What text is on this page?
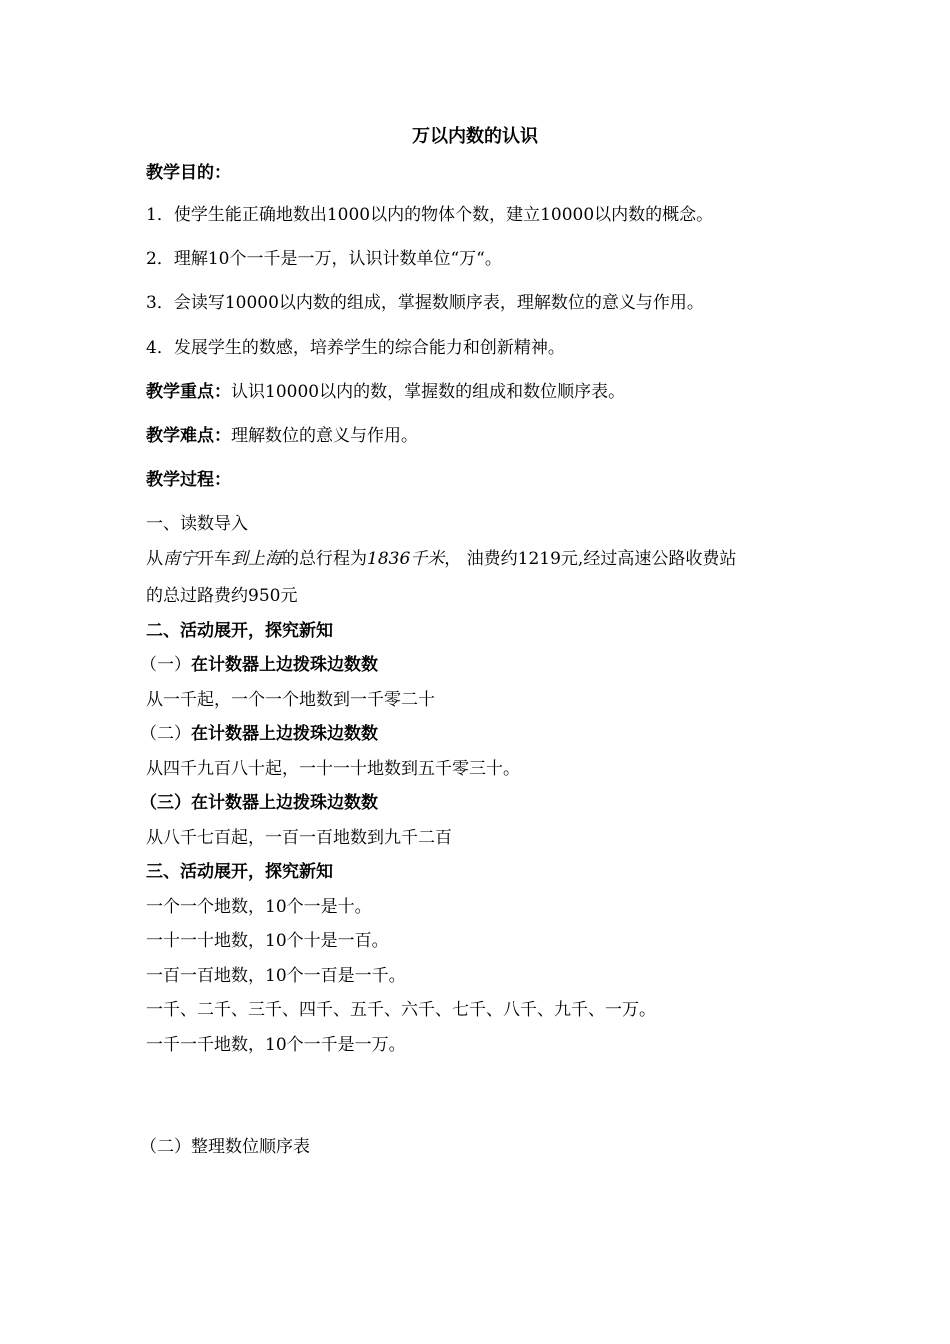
万以内数的认识
教学目的：
1．使学生能正确地数出1000以内的物体个数，建立10000以内数的概念。
2．理解10个一千是一万，认识计数单位“万“。
3．会读写10000以内数的组成，掌握数顺序表，理解数位的意义与作用。
4．发展学生的数感，培养学生的综合能力和创新精神。
教学重点：认识10000以内的数，掌握数的组成和数位顺序表。
教学难点：理解数位的意义与作用。
教学过程：
一、读数导入
从南宁开车到上海的总行程为1836千米， 油费约1219元,经过高速公路收费站
的总过路费约950元
二、活动展开，探究新知
（一）在计数器上边拨珠边数数
从一千起，一个一个地数到一千零二十
（二）在计数器上边拨珠边数数
从四千九百八十起，一十一十地数到五千零三十。
（三）在计数器上边拨珠边数数
从八千七百起，一百一百地数到九千二百
三、活动展开，探究新知
一个一个地数，10个一是十。
一十一十地数，10个十是一百。
一百一百地数，10个一百是一千。
一千、二千、三千、四千、五千、六千、七千、八千、九千、一万。
一千一千地数，10个一千是一万。
（二）整理数位顺序表
